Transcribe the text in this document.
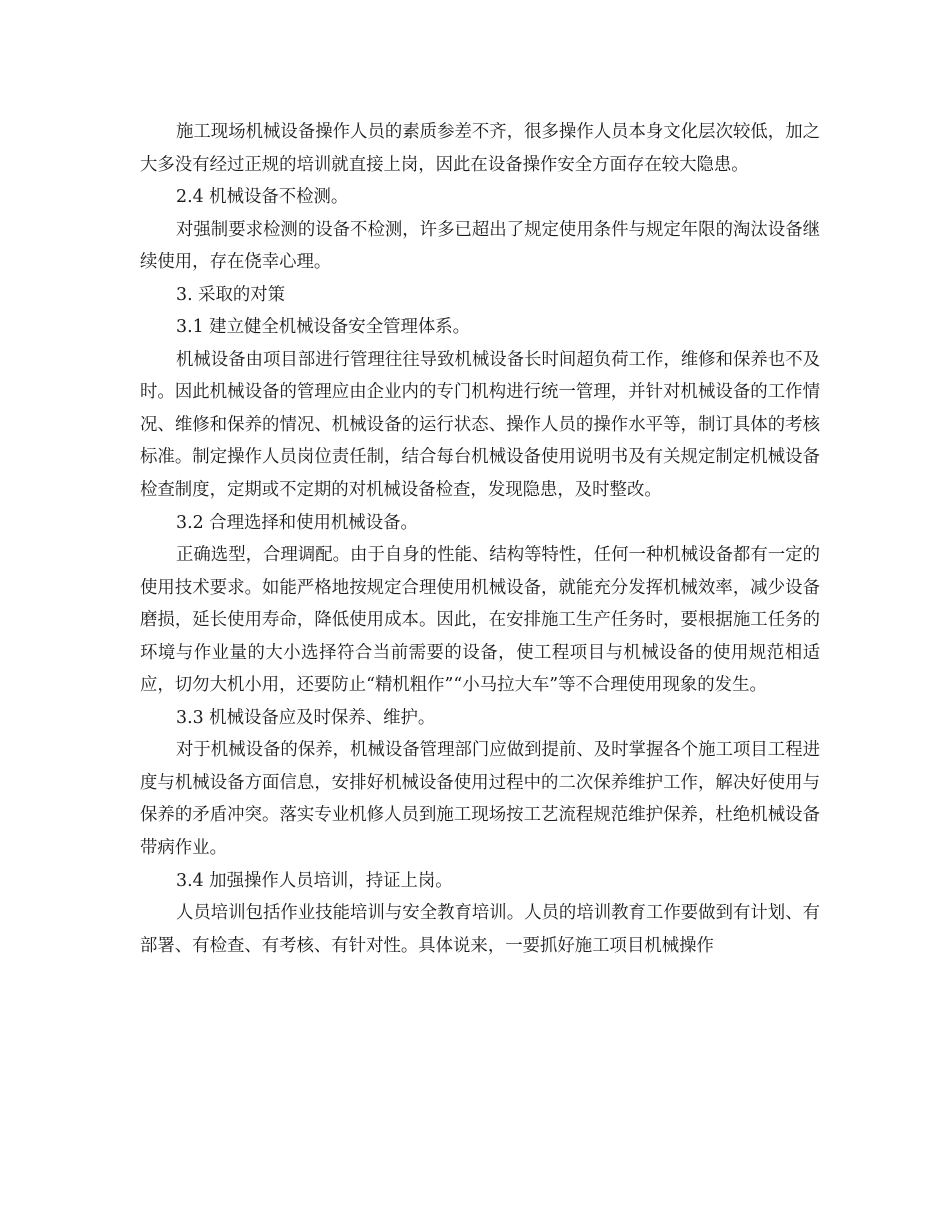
施工现场机械设备操作人员的素质参差不齐，很多操作人员本身文化层次较低，加之大多没有经过正规的培训就直接上岗，因此在设备操作安全方面存在较大隐患。

2.4 机械设备不检测。

对强制要求检测的设备不检测，许多已超出了规定使用条件与规定年限的淘汰设备继续使用，存在侥幸心理。

3. 采取的对策

3.1 建立健全机械设备安全管理体系。

机械设备由项目部进行管理往往导致机械设备长时间超负荷工作，维修和保养也不及时。因此机械设备的管理应由企业内的专门机构进行统一管理，并针对机械设备的工作情况、维修和保养的情况、机械设备的运行状态、操作人员的操作水平等，制订具体的考核标准。制定操作人员岗位责任制，结合每台机械设备使用说明书及有关规定制定机械设备检查制度，定期或不定期的对机械设备检查，发现隐患，及时整改。

3.2 合理选择和使用机械设备。

正确选型，合理调配。由于自身的性能、结构等特性，任何一种机械设备都有一定的使用技术要求。如能严格地按规定合理使用机械设备，就能充分发挥机械效率，减少设备磨损，延长使用寿命，降低使用成本。因此，在安排施工生产任务时，要根据施工任务的环境与作业量的大小选择符合当前需要的设备，使工程项目与机械设备的使用规范相适应，切勿大机小用，还要防止“精机粗作”“小马拉大车”等不合理使用现象的发生。

3.3 机械设备应及时保养、维护。

对于机械设备的保养，机械设备管理部门应做到提前、及时掌握各个施工项目工程进度与机械设备方面信息，安排好机械设备使用过程中的二次保养维护工作，解决好使用与保养的矛盾冲突。落实专业机修人员到施工现场按工艺流程规范维护保养，杜绝机械设备带病作业。

3.4 加强操作人员培训，持证上岗。

人员培训包括作业技能培训与安全教育培训。人员的培训教育工作要做到有计划、有部署、有检查、有考核、有针对性。具体说来，一要抓好施工项目机械操作
